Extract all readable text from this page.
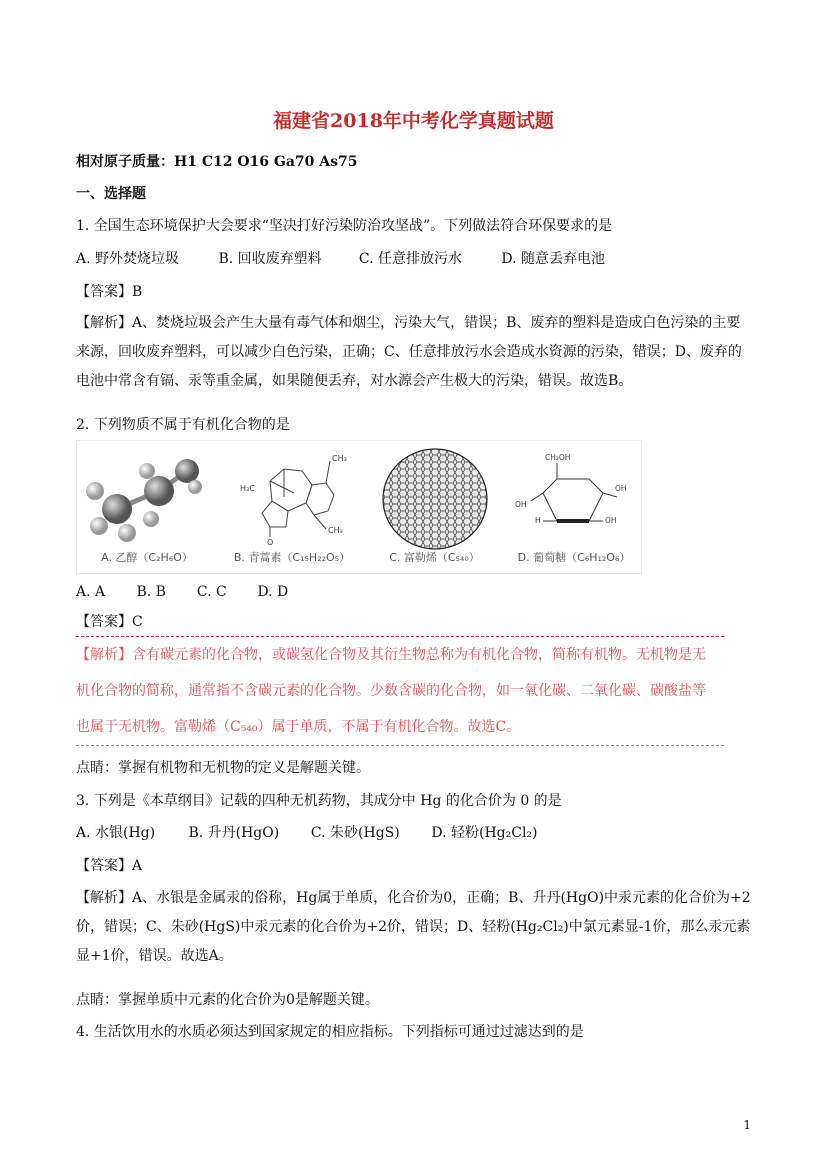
福建省2018年中考化学真题试题
相对原子质量：H1 C12 O16 Ga70 As75
一、选择题
1. 全国生态环境保护大会要求“坚决打好污染防治攻坚战”。下列做法符合环保要求的是
A. 野外焚烧垃圾	B. 回收废弃塑料	C. 任意排放污水	D. 随意丢弃电池
【答案】B
【解析】A、焚烧垃圾会产生大量有毒气体和烟尘，污染大气，错误；B、废弃的塑料是造成白色污染的主要来源，回收废弃塑料，可以减少白色污染，正确；C、任意排放污水会造成水资源的污染，错误；D、废弃的电池中常含有镉、汞等重金属，如果随便丢弃，对水源会产生极大的污染，错误。故选B。
2. 下列物质不属于有机化合物的是
A. 乙醇（C₂H₆O）
CH₃
H₃C
CH₃
O
B. 青蒿素（C₁₅H₂₂O₅）	C. 富勒烯（C₅₄₀）
CH₂OH
OH
OH
OH
H
D. 葡萄糖（C₆H₁₂O₆）
A. A B. B C. C D. D
【答案】C
【解析】含有碳元素的化合物，或碳氢化合物及其衍生物总称为有机化合物，简称有机物。无机物是无
机化合物的简称，通常指不含碳元素的化合物。少数含碳的化合物，如一氧化碳、二氧化碳、碳酸盐等
也属于无机物。富勒烯（C₅₄₀）属于单质，不属于有机化合物。故选C。
点睛：掌握有机物和无机物的定义是解题关键。
3. 下列是《本草纲目》记载的四种无机药物，其成分中 Hg 的化合价为 0 的是
A. 水银(Hg) B. 升丹(HgO) C. 朱砂(HgS) D. 轻粉(Hg₂Cl₂)
【答案】A
【解析】A、水银是金属汞的俗称，Hg属于单质，化合价为0，正确；B、升丹(HgO)中汞元素的化合价为+2价，错误；C、朱砂(HgS)中汞元素的化合价为+2价，错误；D、轻粉(Hg₂Cl₂)中氯元素显-1价，那么汞元素显+1价，错误。故选A。
点睛：掌握单质中元素的化合价为0是解题关键。
4. 生活饮用水的水质必须达到国家规定的相应指标。下列指标可通过过滤达到的是
1
